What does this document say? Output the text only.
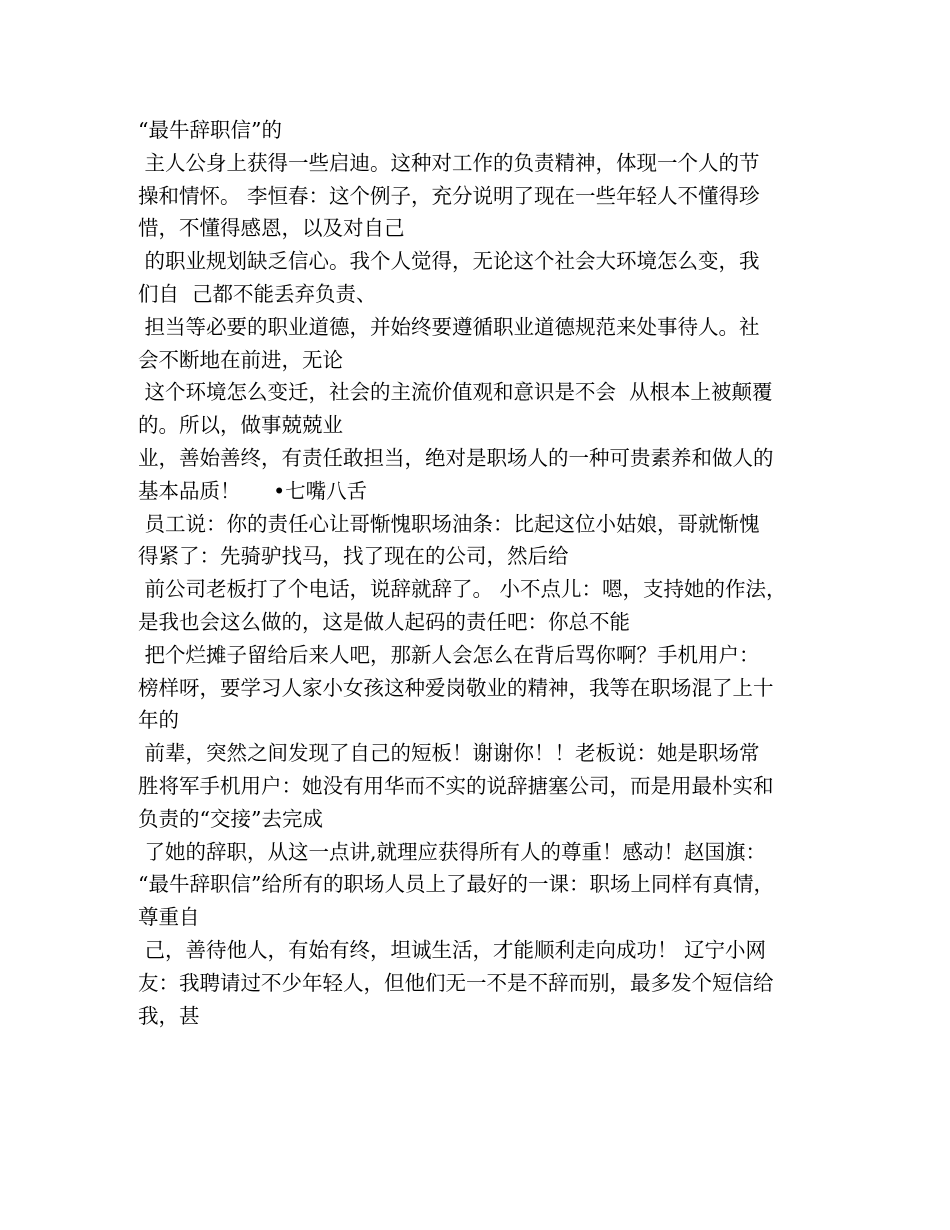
“最牛辞职信”的
主人公身上获得一些启迪。这种对工作的负责精神，体现一个人的节
操和情怀。 李恒春：这个例子，充分说明了现在一些年轻人不懂得珍
惜，不懂得感恩，以及对自己
的职业规划缺乏信心。我个人觉得，无论这个社会大环境怎么变，我
们自  己都不能丢弃负责、
担当等必要的职业道德，并始终要遵循职业道德规范来处事待人。社
会不断地在前进，无论
这个环境怎么变迁，社会的主流价值观和意识是不会  从根本上被颠覆
的。所以，做事兢兢业
业，善始善终，有责任敢担当，绝对是职场人的一种可贵素养和做人的
基本品质！     •七嘴八舌
员工说：你的责任心让哥惭愧职场油条：比起这位小姑娘，哥就惭愧
得紧了：先骑驴找马，找了现在的公司，然后给
前公司老板打了个电话，说辞就辞了。 小不点儿：嗯，支持她的作法，
是我也会这么做的，这是做人起码的责任吧：你总不能
把个烂摊子留给后来人吧，那新人会怎么在背后骂你啊？手机用户：
榜样呀，要学习人家小女孩这种爱岗敬业的精神，我等在职场混了上十
年的
前辈，突然之间发现了自己的短板！谢谢你！！老板说：她是职场常
胜将军手机用户：她没有用华而不实的说辞搪塞公司，而是用最朴实和
负责的“交接”去完成
了她的辞职，从这一点讲,就理应获得所有人的尊重！感动！赵国旗：
“最牛辞职信”给所有的职场人员上了最好的一课：职场上同样有真情，
尊重自
己，善待他人，有始有终，坦诚生活，才能顺利走向成功！ 辽宁小网
友：我聘请过不少年轻人，但他们无一不是不辞而别，最多发个短信给
我，甚
